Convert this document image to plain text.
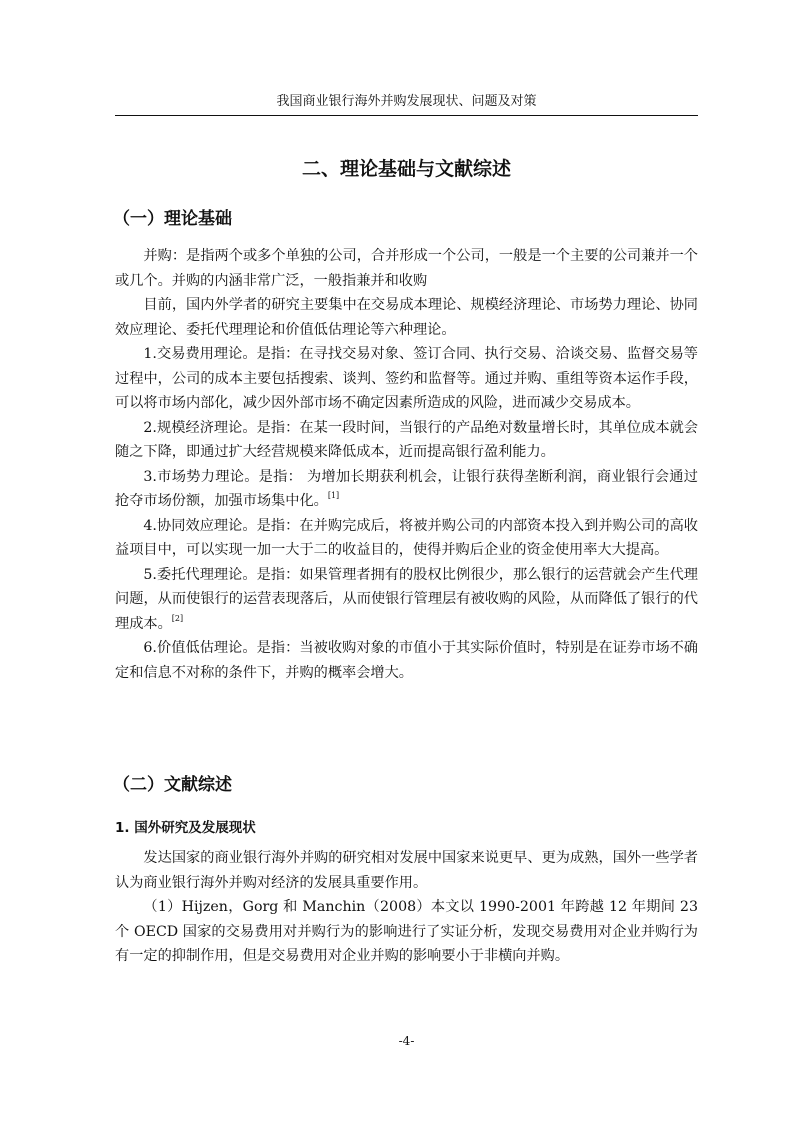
我国商业银行海外并购发展现状、问题及对策
二、理论基础与文献综述
（一）理论基础

并购：是指两个或多个单独的公司，合并形成一个公司，一般是一个主要的公司兼并一个或几个。并购的内涵非常广泛，一般指兼并和收购

目前，国内外学者的研究主要集中在交易成本理论、规模经济理论、市场势力理论、协同效应理论、委托代理理论和价值低估理论等六种理论。

1.交易费用理论。是指：在寻找交易对象、签订合同、执行交易、洽谈交易、监督交易等过程中，公司的成本主要包括搜索、谈判、签约和监督等。通过并购、重组等资本运作手段，可以将市场内部化，减少因外部市场不确定因素所造成的风险，进而减少交易成本。

2.规模经济理论。是指：在某一段时间，当银行的产品绝对数量增长时，其单位成本就会随之下降，即通过扩大经营规模来降低成本，近而提高银行盈利能力。

3.市场势力理论。是指： 为增加长期获利机会，让银行获得垄断利润，商业银行会通过抢夺市场份额，加强市场集中化。[1]

4.协同效应理论。是指：在并购完成后，将被并购公司的内部资本投入到并购公司的高收益项目中，可以实现一加一大于二的收益目的，使得并购后企业的资金使用率大大提高。

5.委托代理理论。是指：如果管理者拥有的股权比例很少，那么银行的运营就会产生代理问题，从而使银行的运营表现落后，从而使银行管理层有被收购的风险，从而降低了银行的代理成本。[2]

6.价值低估理论。是指：当被收购对象的市值小于其实际价值时，特别是在证券市场不确定和信息不对称的条件下，并购的概率会增大。

（二）文献综述
1. 国外研究及发展现状

发达国家的商业银行海外并购的研究相对发展中国家来说更早、更为成熟，国外一些学者认为商业银行海外并购对经济的发展具重要作用。

（1）Hijzen，Gorg 和 Manchin（2008）本文以 1990-2001 年跨越 12 年期间 23 个 OECD 国家的交易费用对并购行为的影响进行了实证分析，发现交易费用对企业并购行为有一定的抑制作用，但是交易费用对企业并购的影响要小于非横向并购。

-4-
